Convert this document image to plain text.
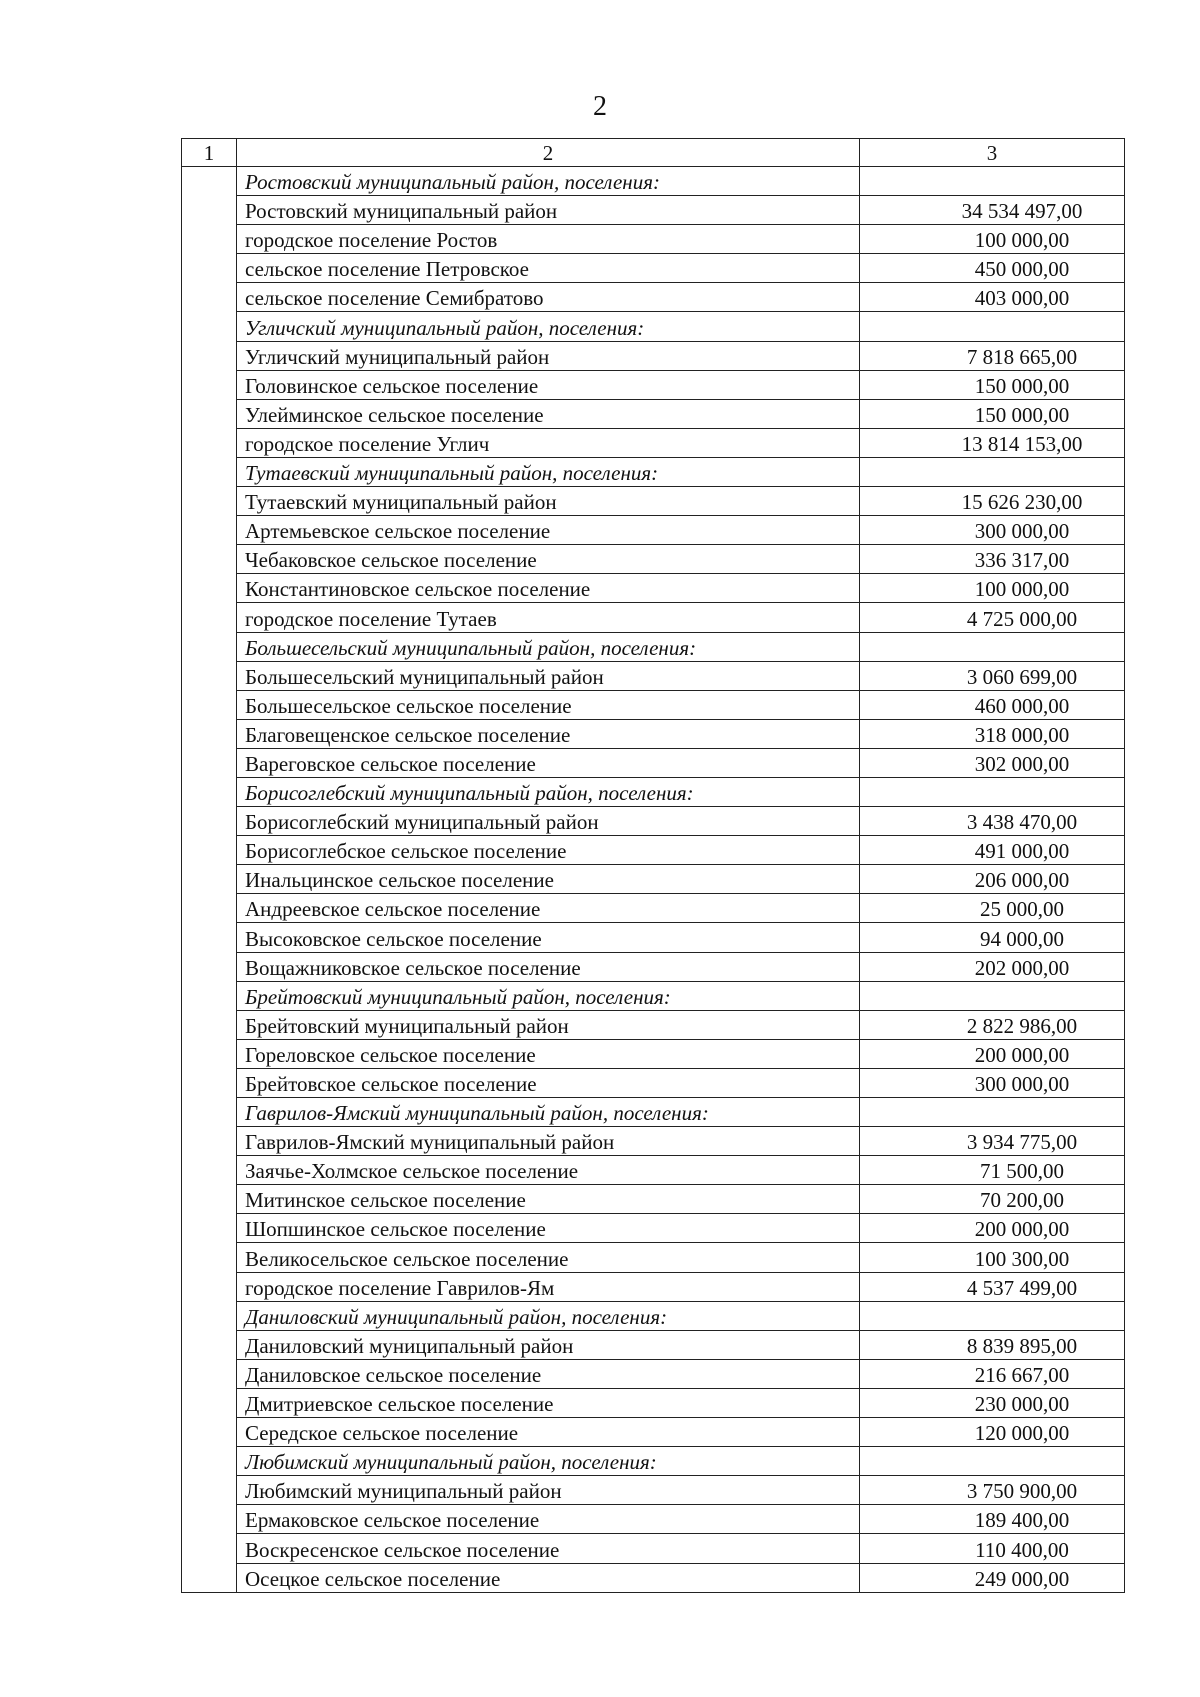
2
1	2	3
	Ростовский муниципальный район, поселения:	
	Ростовский муниципальный район	34 534 497,00
	городское поселение Ростов	100 000,00
	сельское поселение Петровское	450 000,00
	сельское поселение Семибратово	403 000,00
	Угличский муниципальный район, поселения:	
	Угличский муниципальный район	7 818 665,00
	Головинское сельское поселение	150 000,00
	Улейминское сельское поселение	150 000,00
	городское поселение Углич	13 814 153,00
	Тутаевский муниципальный район, поселения:	
	Тутаевский муниципальный район	15 626 230,00
	Артемьевское сельское поселение	300 000,00
	Чебаковское сельское поселение	336 317,00
	Константиновское сельское поселение	100 000,00
	городское поселение Тутаев	4 725 000,00
	Большесельский муниципальный район, поселения:	
	Большесельский муниципальный район	3 060 699,00
	Большесельское сельское поселение	460 000,00
	Благовещенское сельское поселение	318 000,00
	Вареговское сельское поселение	302 000,00
	Борисоглебский муниципальный район, поселения:	
	Борисоглебский муниципальный район	3 438 470,00
	Борисоглебское сельское поселение	491 000,00
	Инальцинское сельское поселение	206 000,00
	Андреевское сельское поселение	25 000,00
	Высоковское сельское поселение	94 000,00
	Вощажниковское сельское поселение	202 000,00
	Брейтовский муниципальный район, поселения:	
	Брейтовский муниципальный район	2 822 986,00
	Гореловское сельское поселение	200 000,00
	Брейтовское сельское поселение	300 000,00
	Гаврилов-Ямский муниципальный район, поселения:	
	Гаврилов-Ямский муниципальный район	3 934 775,00
	Заячье-Холмское сельское поселение	71 500,00
	Митинское сельское поселение	70 200,00
	Шопшинское сельское поселение	200 000,00
	Великосельское сельское поселение	100 300,00
	городское поселение Гаврилов-Ям	4 537 499,00
	Даниловский муниципальный район, поселения:	
	Даниловский муниципальный район	8 839 895,00
	Даниловское сельское поселение	216 667,00
	Дмитриевское сельское поселение	230 000,00
	Середское сельское поселение	120 000,00
	Любимский муниципальный район, поселения:	
	Любимский муниципальный район	3 750 900,00
	Ермаковское сельское поселение	189 400,00
	Воскресенское сельское поселение	110 400,00
	Осецкое сельское поселение	249 000,00
